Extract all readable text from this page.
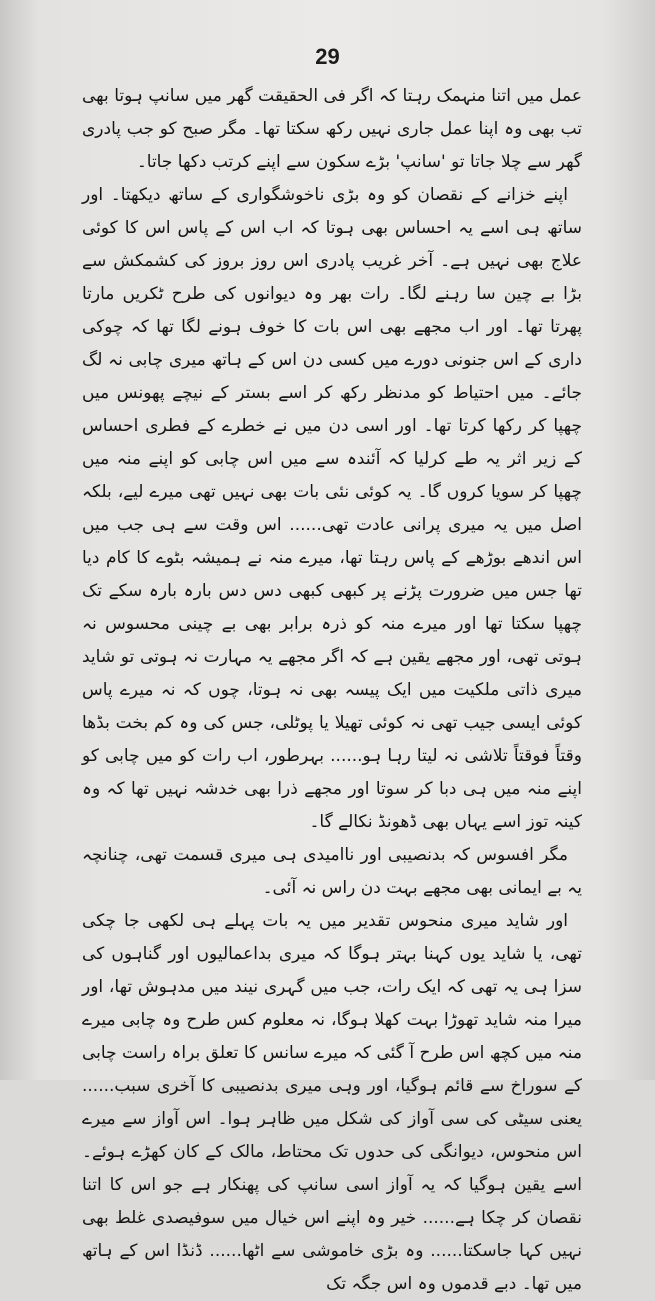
29

عمل میں اتنا منہمک رہتا کہ اگر فی الحقیقت گھر میں سانپ ہوتا بھی تب بھی وہ اپنا عمل جاری نہیں رکھ سکتا تھا۔ مگر صبح کو جب پادری گھر سے چلا جاتا تو 'سانپ' بڑے سکون سے اپنے کرتب دکھا جاتا۔

اپنے خزانے کے نقصان کو وہ بڑی ناخوشگواری کے ساتھ دیکھتا۔ اور ساتھ ہی اسے یہ احساس بھی ہوتا کہ اب اس کے پاس اس کا کوئی علاج بھی نہیں ہے۔ آخر غریب پادری اس روز بروز کی کشمکش سے بڑا بے چین سا رہنے لگا۔ رات بھر وہ دیوانوں کی طرح ٹکریں مارتا پھرتا تھا۔ اور اب مجھے بھی اس بات کا خوف ہونے لگا تھا کہ چوکی داری کے اس جنونی دورے میں کسی دن اس کے ہاتھ میری چابی نہ لگ جائے۔ میں احتیاط کو مدنظر رکھ کر اسے بستر کے نیچے پھونس میں چھپا کر رکھا کرتا تھا۔ اور اسی دن میں نے خطرے کے فطری احساس کے زیر اثر یہ طے کرلیا کہ آئندہ سے میں اس چابی کو اپنے منہ میں چھپا کر سویا کروں گا۔ یہ کوئی نئی بات بھی نہیں تھی میرے لیے، بلکہ اصل میں یہ میری پرانی عادت تھی...... اس وقت سے ہی جب میں اس اندھے بوڑھے کے پاس رہتا تھا، میرے منہ نے ہمیشہ بٹوے کا کام دیا تھا جس میں ضرورت پڑنے پر کبھی کبھی دس دس بارہ بارہ سکے تک چھپا سکتا تھا اور میرے منہ کو ذرہ برابر بھی بے چینی محسوس نہ ہوتی تھی، اور مجھے یقین ہے کہ اگر مجھے یہ مہارت نہ ہوتی تو شاید میری ذاتی ملکیت میں ایک پیسہ بھی نہ ہوتا، چوں کہ نہ میرے پاس کوئی ایسی جیب تھی نہ کوئی تھیلا یا پوٹلی، جس کی وہ کم بخت بڈھا وقتاً فوقتاً تلاشی نہ لیتا رہا ہو...... بہرطور، اب رات کو میں چابی کو اپنے منہ میں ہی دبا کر سوتا اور مجھے ذرا بھی خدشہ نہیں تھا کہ وہ کینہ توز اسے یہاں بھی ڈھونڈ نکالے گا۔

مگر افسوس کہ بدنصیبی اور ناامیدی ہی میری قسمت تھی، چنانچہ یہ بے ایمانی بھی مجھے بہت دن راس نہ آئی۔

اور شاید میری منحوس تقدیر میں یہ بات پہلے ہی لکھی جا چکی تھی، یا شاید یوں کہنا بہتر ہوگا کہ میری بداعمالیوں اور گناہوں کی سزا ہی یہ تھی کہ ایک رات، جب میں گہری نیند میں مدہوش تھا، اور میرا منہ شاید تھوڑا بہت کھلا ہوگا، نہ معلوم کس طرح وہ چابی میرے منہ میں کچھ اس طرح آ گئی کہ میرے سانس کا تعلق براہ راست چابی کے سوراخ سے قائم ہوگیا، اور وہی میری بدنصیبی کا آخری سبب...... یعنی سیٹی کی سی آواز کی شکل میں ظاہر ہوا۔ اس آواز سے میرے اس منحوس، دیوانگی کی حدوں تک محتاط، مالک کے کان کھڑے ہوئے۔ اسے یقین ہوگیا کہ یہ آواز اسی سانپ کی پھنکار ہے جو اس کا اتنا نقصان کر چکا ہے...... خیر وہ اپنے اس خیال میں سوفیصدی غلط بھی نہیں کہا جاسکتا...... وہ بڑی خاموشی سے اٹھا...... ڈنڈا اس کے ہاتھ میں تھا۔ دبے قدموں وہ اس جگہ تک
